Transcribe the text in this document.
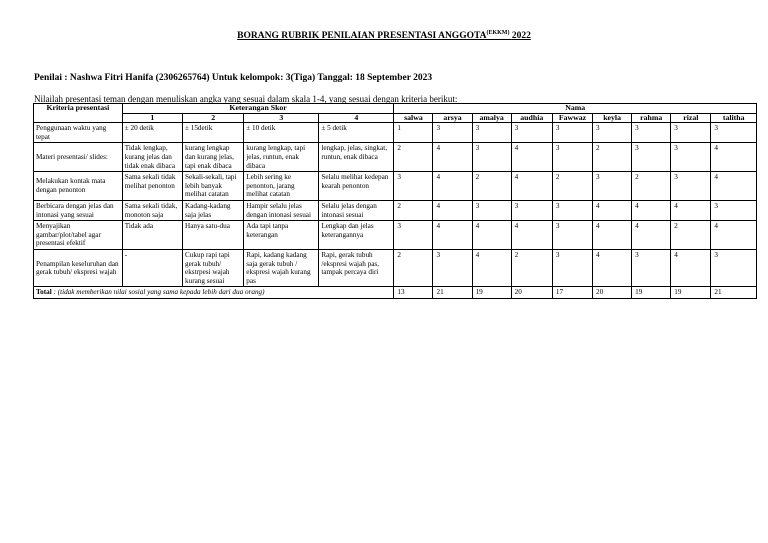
BORANG RUBRIK PENILAIAN PRESENTASI $ANGGOTA^{(EKKM)}$ 2022
Penilai : Nashwa Fitri Hanifa (2306265764) Untuk kelompok: 3(Tiga) Tanggal: 18 September 2023
Nilailah presentasi teman dengan menuliskan angka yang sesuai dalam skala 1-4, yang sesuai dengan kriteria berikut:
Kriteria presentasi	Keterangan Skor				Nama								
	1	2	3	4	salwa	arsya	amalya	audhia	Fawwaz	keyla	rahma	rizal	talitha
Penggunaan waktu yang tepat	± 20 detik	± 15detik	± 10 detik	± 5 detik	1	3	3	3	3	3	3	3	3
Materi presentasi/ slides:	Tidak lengkap, kurang jelas dan tidak enak dibaca	kurang lengkap dan kurang jelas, tapi enak dibaca	kurang lengkap, tapi jelas, runtun, enak dibaca	lengkap, jelas, singkat, runtun, enak dibaca	2	4	3	4	3	2	3	3	4
Melakukan kontak mata dengan penonton	Sama sekali tidak melihat penonton	Sekali-sekali, tapi lebih banyak melihat catatan	Lebih sering ke penonton, jarang melihat catatan	Selalu melihat kedepan kearah penonton	3	4	2	4	2	3	2	3	4
Berbicara dengan jelas dan intonasi yang sesuai	Sama sekali tidak, monoton saja	Kadang-kadang saja jelas	Hampir selalu jelas dengan intonasi sesuai	Selalu jelas dengan intonasi sesuai	2	4	3	3	3	4	4	4	3
Menyajikan gambar/plot/tabel agar presentasi efektif	Tidak ada	Hanya satu-dua	Ada tapi tanpa keterangan	Lengkap dan jelas keterangannya	3	4	4	4	3	4	4	2	4
Penampilan keseluruhan dan gerak tubuh/ ekspresi wajah	-	Cukup rapi tapi gerak tubuh/ ekstrpesi wajah kurang sesuai	Rapi, kadang kadang saja gerak tubuh / ekspresi wajah kurang pas	Rapi, gerak tubuh /ekspresi wajah pas, tampak percaya diri	2	3	4	2	3	4	3	4	3
Total : (tidak memberikan nilai sosial yang sama kepada lebih dari dua orang)					13	21	19	20	17	20	19	19	21
